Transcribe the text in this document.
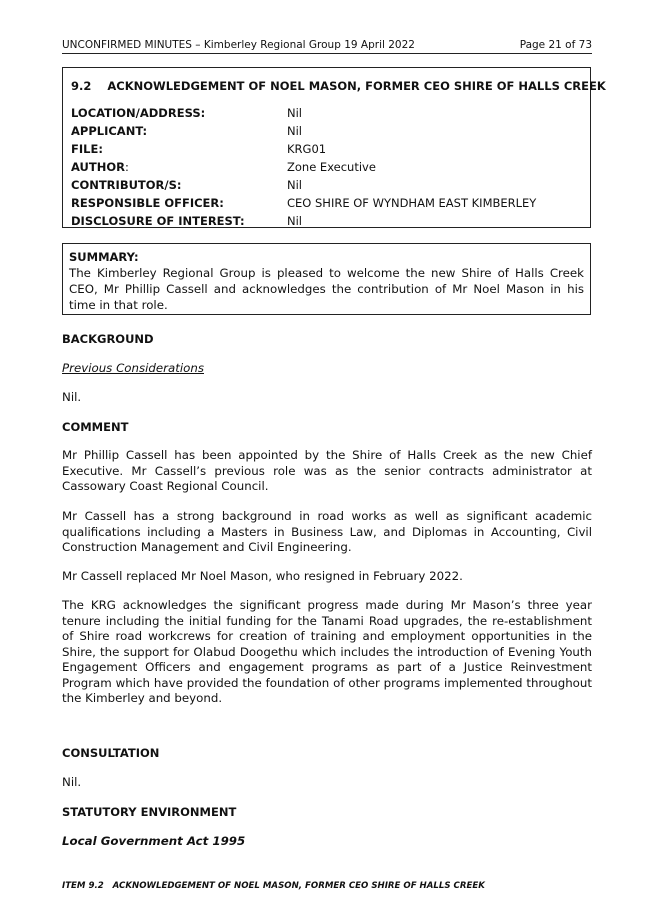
UNCONFIRMED MINUTES – Kimberley Regional Group 19 April 2022	Page 21 of 73
9.2    ACKNOWLEDGEMENT OF NOEL MASON, FORMER CEO SHIRE OF HALLS CREEK
LOCATION/ADDRESS:	Nil
APPLICANT:	Nil
FILE:	KRG01
AUTHOR:	Zone Executive
CONTRIBUTOR/S:	Nil
RESPONSIBLE OFFICER:	CEO SHIRE OF WYNDHAM EAST KIMBERLEY
DISCLOSURE OF INTEREST:	Nil
SUMMARY:
The Kimberley Regional Group is pleased to welcome the new Shire of Halls Creek CEO, Mr Phillip Cassell and acknowledges the contribution of Mr Noel Mason in his time in that role.
BACKGROUND
Previous Considerations
Nil.
COMMENT
Mr Phillip Cassell has been appointed by the Shire of Halls Creek as the new Chief Executive. Mr Cassell’s previous role was as the senior contracts administrator at Cassowary Coast Regional Council.
Mr Cassell has a strong background in road works as well as significant academic qualifications including a Masters in Business Law, and Diplomas in Accounting, Civil Construction Management and Civil Engineering.
Mr Cassell replaced Mr Noel Mason, who resigned in February 2022.
The KRG acknowledges the significant progress made during Mr Mason’s three year tenure including the initial funding for the Tanami Road upgrades, the re-establishment of Shire road workcrews for creation of training and employment opportunities in the Shire, the support for Olabud Doogethu which includes the introduction of Evening Youth Engagement Officers and engagement programs as part of a Justice Reinvestment Program which have provided the foundation of other programs implemented throughout the Kimberley and beyond.
CONSULTATION
Nil.
STATUTORY ENVIRONMENT
Local Government Act 1995
ITEM 9.2   ACKNOWLEDGEMENT OF NOEL MASON, FORMER CEO SHIRE OF HALLS CREEK
